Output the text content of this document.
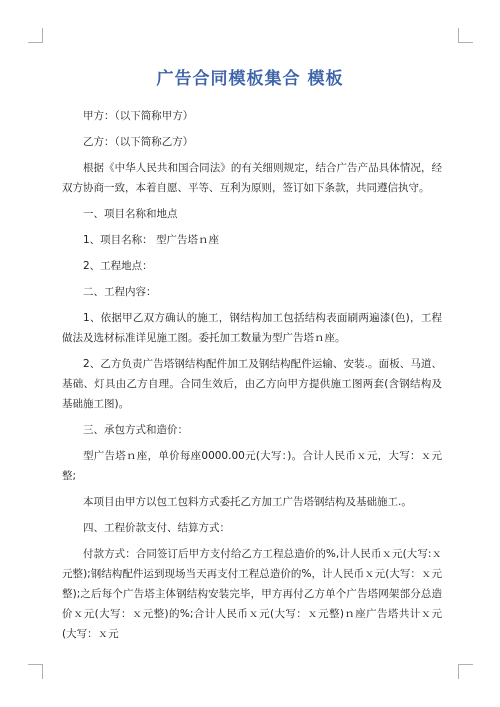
广告合同模板集合 模板

甲方：（以下简称甲方）

乙方：（以下简称乙方）

根据《中华人民共和国合同法》的有关细则规定，结合广告产品具体情况，经双方协商一致，本着自愿、平等、互利为原则，签订如下条款，共同遵信执守。

一、项目名称和地点

1、项目名称： 型广告塔ｎ座

2、工程地点：

二、工程内容：

1、依据甲乙双方确认的施工，钢结构加工包括结构表面刷两遍漆(色)，工程做法及选材标准详见施工图。委托加工数量为型广告塔ｎ座。

2、乙方负责广告塔钢结构配件加工及钢结构配件运输、安装.。面板、马道、基础、灯具由乙方自理。合同生效后，由乙方向甲方提供施工图两套(含钢结构及基础施工图)。

三、承包方式和造价：

型广告塔ｎ座，单价每座0000.00元(大写：)。合计人民币ｘ元，大写：ｘ元整;

本项目由甲方以包工包料方式委托乙方加工广告塔钢结构及基础施工.。

四、工程价款支付、结算方式：

付款方式：合同签订后甲方支付给乙方工程总造价的%,计人民币ｘ元(大写:ｘ元整);钢结构配件运到现场当天再支付工程总造价的%，计人民币ｘ元(大写：ｘ元整);之后每个广告塔主体钢结构安装完毕，甲方再付乙方单个广告塔网架部分总造价ｘ元(大写：ｘ元整)的%;合计人民币ｘ元(大写：ｘ元整)ｎ座广告塔共计ｘ元(大写：ｘ元
